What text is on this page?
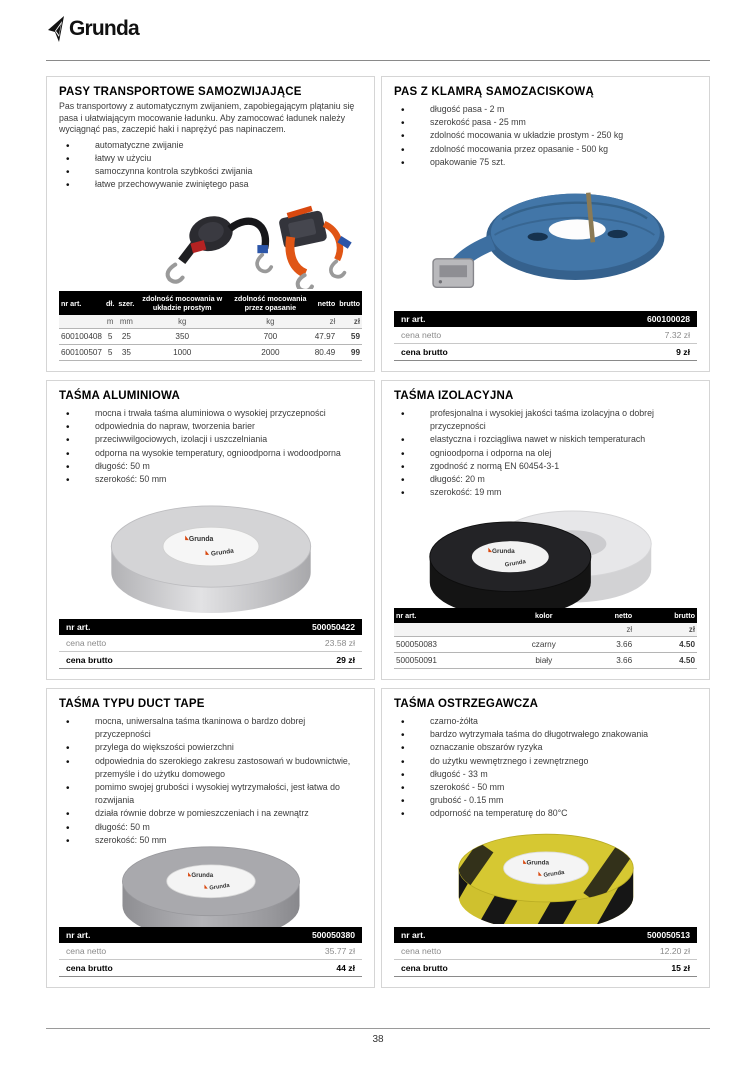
Grunda
PASY TRANSPORTOWE SAMOZWIJAJĄCE

Pas transportowy z automatycznym zwijaniem, zapobiegającym plątaniu się pasa i ułatwiającym mocowanie ładunku. Aby zamocować ładunek należy wyciągnąć pas, zaczepić haki i naprężyć pas napinaczem.

• automatyczne zwijanie
• łatwy w użyciu
• samoczynna kontrola szybkości zwijania
• łatwe przechowywanie zwiniętego pasa
nr art.	dł.	szer.	zdolność mocowania w układzie prostym	zdolność mocowania przez opasanie	netto	brutto
	m	mm	kg	kg	zł	zł
600100408	5	25	350	700	47.97	59
600100507	5	35	1000	2000	80.49	99
PAS Z KLAMRĄ SAMOZACISKOWĄ
• długość pasa - 2 m
• szerokość pasa - 25 mm
• zdolność mocowania w układzie prostym - 250 kg
• zdolność mocowania przez opasanie - 500 kg
• opakowanie 75 szt.
nr art.	600100028
cena netto	7.32 zł
cena brutto	9 zł
TAŚMA ALUMINIOWA
• mocna i trwała taśma aluminiowa o wysokiej przyczepności
• odpowiednia do napraw, tworzenia barier
• przeciwwilgociowych, izolacji i uszczelniania
• odporna na wysokie temperatury, ognioodporna i wodoodporna
• długość: 50 m
• szerokość: 50 mm
Grunda
Grunda
nr art.	500050422
cena netto	23.58 zł
cena brutto	29 zł
TAŚMA IZOLACYJNA
• profesjonalna i wysokiej jakości taśma izolacyjna o dobrej przyczepności
• elastyczna i rozciągliwa nawet w niskich temperaturach
• ognioodporna i odporna na olej
• zgodność z normą EN 60454-3-1
• długość: 20 m
• szerokość: 19 mm
Grunda
Grunda
nr art.	kolor	netto	brutto
		zł	zł
500050083	czarny	3.66	4.50
500050091	biały	3.66	4.50
TAŚMA TYPU DUCT TAPE
• mocna, uniwersalna taśma tkaninowa o bardzo dobrej przyczepności
• przylega do większości powierzchni
• odpowiednia do szerokiego zakresu zastosowań w budownictwie, przemyśle i do użytku domowego
• pomimo swojej grubości i wysokiej wytrzymałości, jest łatwa do rozwijania
• działa równie dobrze w pomieszczeniach i na zewnątrz
• długość: 50 m
• szerokość: 50 mm
Grunda
Grunda
nr art.	500050380
cena netto	35.77 zł
cena brutto	44 zł
TAŚMA OSTRZEGAWCZA
• czarno-żółta
• bardzo wytrzymała taśma do długotrwałego znakowania
• oznaczanie obszarów ryzyka
• do użytku wewnętrznego i zewnętrznego
• długość - 33 m
• szerokość - 50 mm
• grubość - 0.15 mm
• odporność na temperaturę do 80°C
Grunda
Grunda
nr art.	500050513
cena netto	12.20 zł
cena brutto	15 zł
38
